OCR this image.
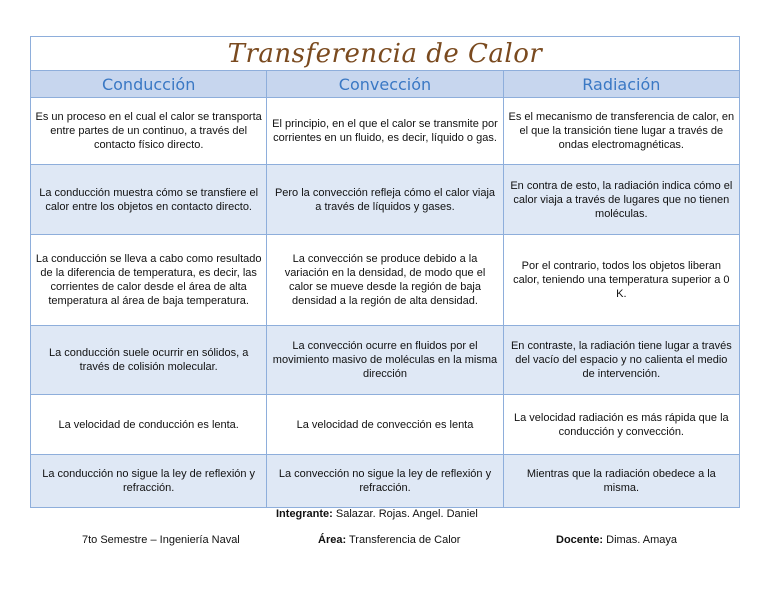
Transferencia de Calor		
Conducción	Convección	Radiación
Es un proceso en el cual el calor se transporta entre partes de un continuo, a través del contacto físico directo.	El principio, en el que el calor se transmite por corrientes en un fluido, es decir, líquido o gas.	Es el mecanismo de transferencia de calor, en el que la transición tiene lugar a través de ondas electromagnéticas.
La conducción muestra cómo se transfiere el calor entre los objetos en contacto directo.	Pero la convección refleja cómo el calor viaja a través de líquidos y gases.	En contra de esto, la radiación indica cómo el calor viaja a través de lugares que no tienen moléculas.
La conducción se lleva a cabo como resultado de la diferencia de temperatura, es decir, las corrientes de calor desde el área de alta temperatura al área de baja temperatura.	La convección se produce debido a la variación en la densidad, de modo que el calor se mueve desde la región de baja densidad a la región de alta densidad.	Por el contrario, todos los objetos liberan calor, teniendo una temperatura superior a 0 K.
La conducción suele ocurrir en sólidos, a través de colisión molecular.	La convección ocurre en fluidos por el movimiento masivo de moléculas en la misma dirección	En contraste, la radiación tiene lugar a través del vacío del espacio y no calienta el medio de intervención.
La velocidad de conducción es lenta.	La velocidad de convección es lenta	La velocidad radiación es más rápida que la conducción y convección.
La conducción no sigue la ley de reflexión y refracción.	La convección no sigue la ley de reflexión y refracción.	Mientras que la radiación obedece a la misma.
Integrante: Salazar. Rojas. Angel. Daniel
7to Semestre – Ingeniería Naval	Área: Transferencia de Calor	Docente: Dimas. Amaya
